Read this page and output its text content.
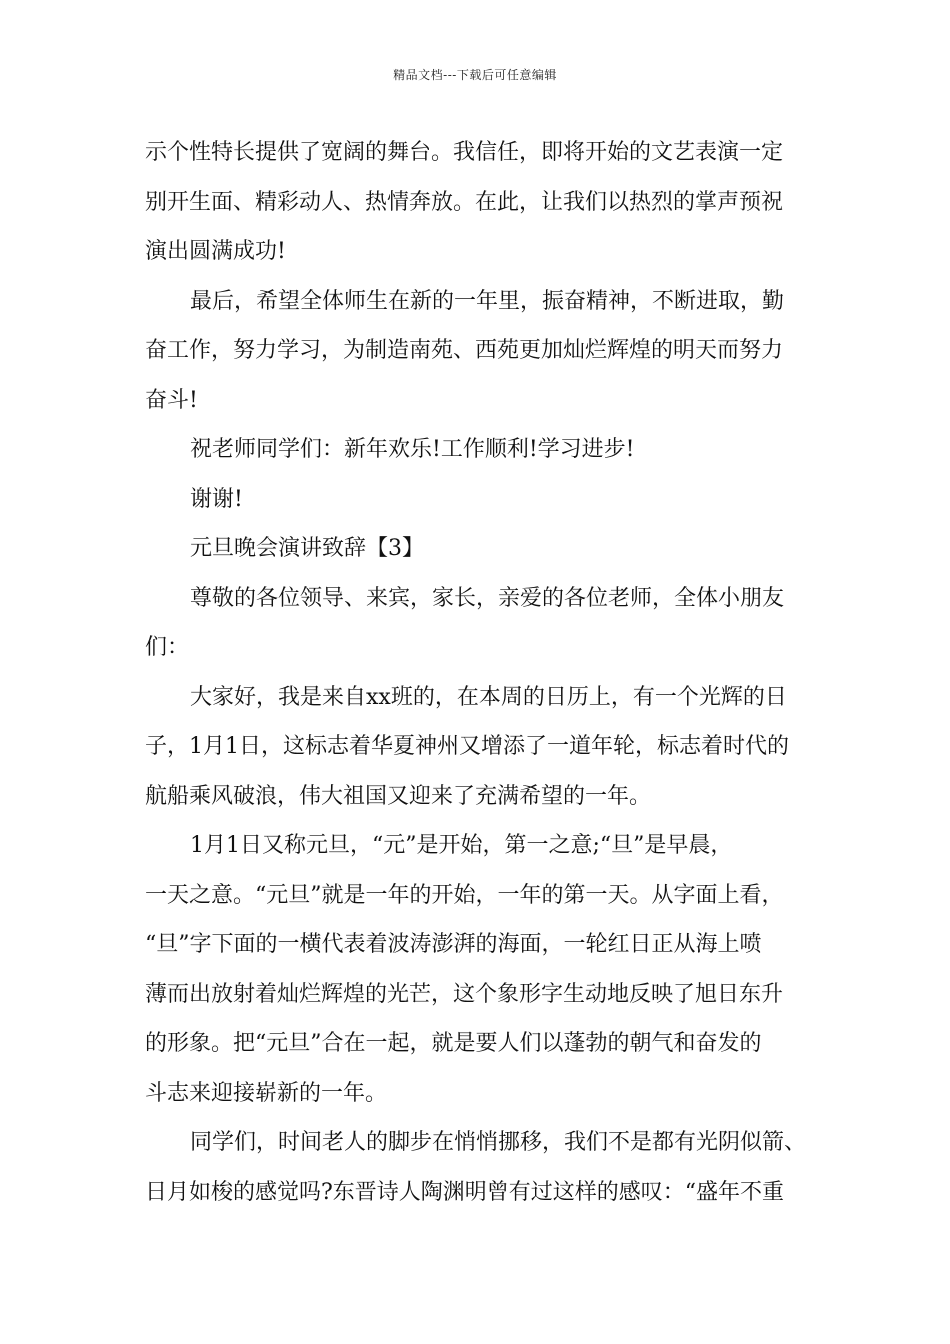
精品文档---下载后可任意编辑
示个性特长提供了宽阔的舞台。我信任，即将开始的文艺表演一定
别开生面、精彩动人、热情奔放。在此，让我们以热烈的掌声预祝
演出圆满成功!
最后，希望全体师生在新的一年里，振奋精神，不断进取，勤
奋工作，努力学习，为制造南苑、西苑更加灿烂辉煌的明天而努力
奋斗!
祝老师同学们：新年欢乐!工作顺利!学习进步!
谢谢!
元旦晚会演讲致辞【3】
尊敬的各位领导、来宾，家长，亲爱的各位老师，全体小朋友
们：
大家好，我是来自xx班的，在本周的日历上，有一个光辉的日
子，1月1日，这标志着华夏神州又增添了一道年轮，标志着时代的
航船乘风破浪，伟大祖国又迎来了充满希望的一年。
1月1日又称元旦，“元”是开始，第一之意;“旦”是早晨，
一天之意。“元旦”就是一年的开始，一年的第一天。从字面上看，
“旦”字下面的一横代表着波涛澎湃的海面，一轮红日正从海上喷
薄而出放射着灿烂辉煌的光芒，这个象形字生动地反映了旭日东升
的形象。把“元旦”合在一起，就是要人们以蓬勃的朝气和奋发的
斗志来迎接崭新的一年。
同学们，时间老人的脚步在悄悄挪移，我们不是都有光阴似箭、
日月如梭的感觉吗?东晋诗人陶渊明曾有过这样的感叹：“盛年不重
